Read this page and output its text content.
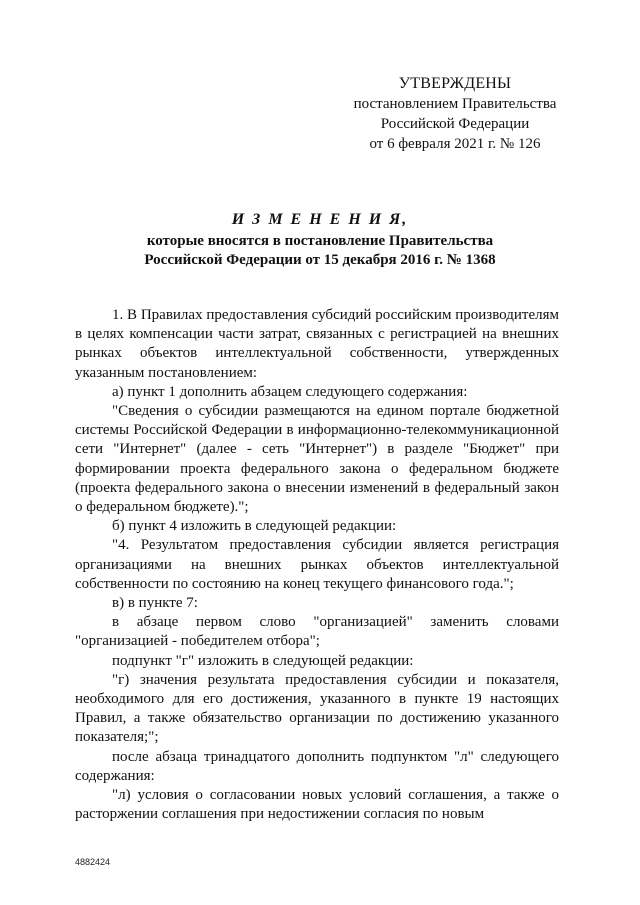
УТВЕРЖДЕНЫ
постановлением Правительства
Российской Федерации
от 6 февраля 2021 г. № 126
И З М Е Н Е Н И Я,
которые вносятся в постановление Правительства
Российской Федерации от 15 декабря 2016 г. № 1368

1. В Правилах предоставления субсидий российским производителям в целях компенсации части затрат, связанных с регистрацией на внешних рынках объектов интеллектуальной собственности, утвержденных указанным постановлением:

а) пункт 1 дополнить абзацем следующего содержания:

"Сведения о субсидии размещаются на едином портале бюджетной системы Российской Федерации в информационно-телекоммуникационной сети "Интернет" (далее - сеть "Интернет") в разделе "Бюджет" при формировании проекта федерального закона о федеральном бюджете (проекта федерального закона о внесении изменений в федеральный закон о федеральном бюджете).";

б) пункт 4 изложить в следующей редакции:

"4. Результатом предоставления субсидии является регистрация организациями на внешних рынках объектов интеллектуальной собственности по состоянию на конец текущего финансового года.";

в) в пункте 7:

в абзаце первом слово "организацией" заменить словами "организацией - победителем отбора";

подпункт "г" изложить в следующей редакции:

"г) значения результата предоставления субсидии и показателя, необходимого для его достижения, указанного в пункте 19 настоящих Правил, а также обязательство организации по достижению указанного показателя;";

после абзаца тринадцатого дополнить подпунктом "л" следующего содержания:

"л) условия о согласовании новых условий соглашения, а также о расторжении соглашения при недостижении согласия по новым

4882424
